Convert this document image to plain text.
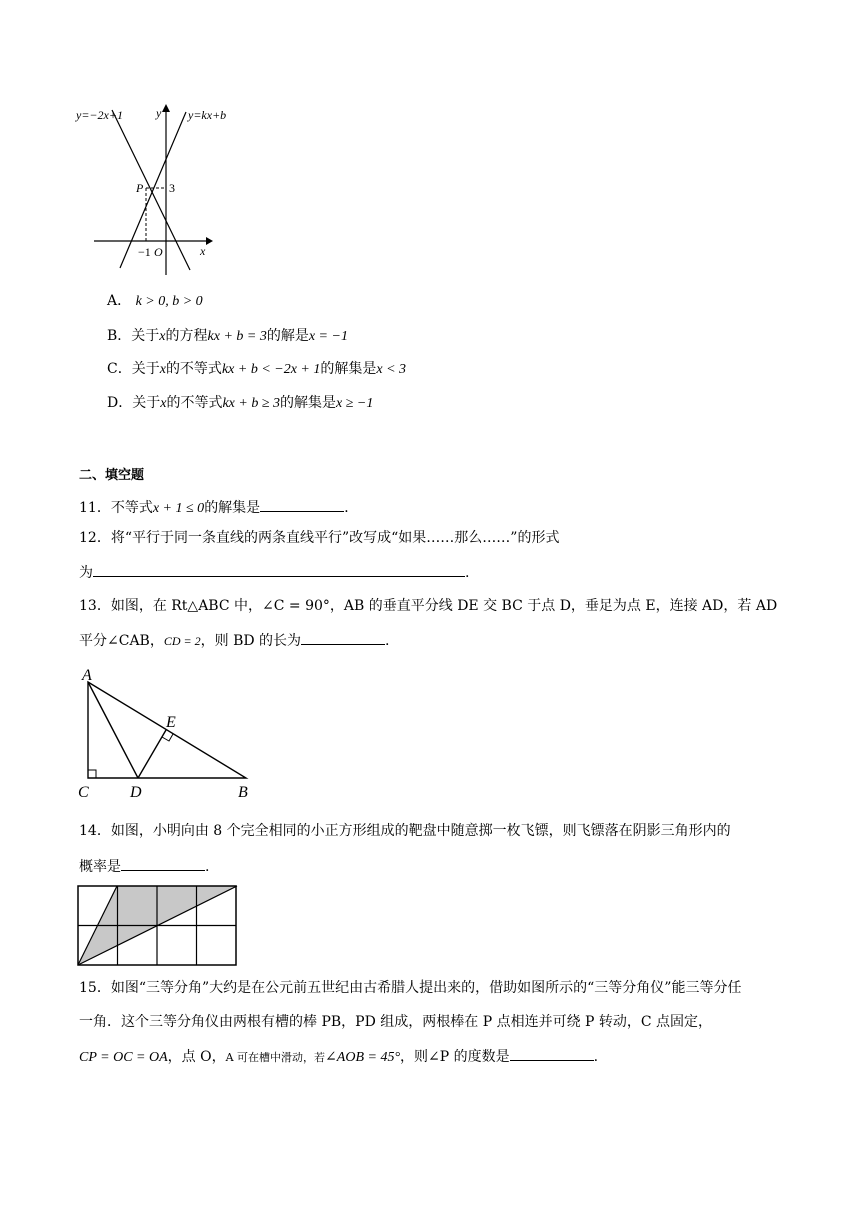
y=−2x+1	y=kx+b
y
x
P 3
−1 O
A． k > 0, b > 0
B．关于x的方程kx + b = 3的解是x = −1
C．关于x的不等式kx + b < −2x + 1的解集是x < 3
D．关于x的不等式kx + b ≥ 3的解集是x ≥ −1
二、填空题
11．不等式x + 1 ≤ 0的解集是	．
12．将“平行于同一条直线的两条直线平行”改写成“如果……那么……”的形式
为	.
13．如图，在 Rt△ABC 中，∠C = 90°，AB 的垂直平分线 DE 交 BC 于点 D，垂足为点 E，连接 AD，若 AD
平分∠CAB，CD = 2，则 BD 的长为	.
A
E
C	D	B
14．如图，小明向由 8 个完全相同的小正方形组成的靶盘中随意掷一枚飞镖，则飞镖落在阴影三角形内的
概率是	.
15．如图“三等分角”大约是在公元前五世纪由古希腊人提出来的，借助如图所示的“三等分角仪”能三等分任
一角．这个三等分角仪由两根有槽的棒 PB，PD 组成，两根棒在 P 点相连并可绕 P 转动，C 点固定，
CP = OC = OA，点 O，A 可在槽中滑动，若∠AOB = 45°，则∠P 的度数是	.
